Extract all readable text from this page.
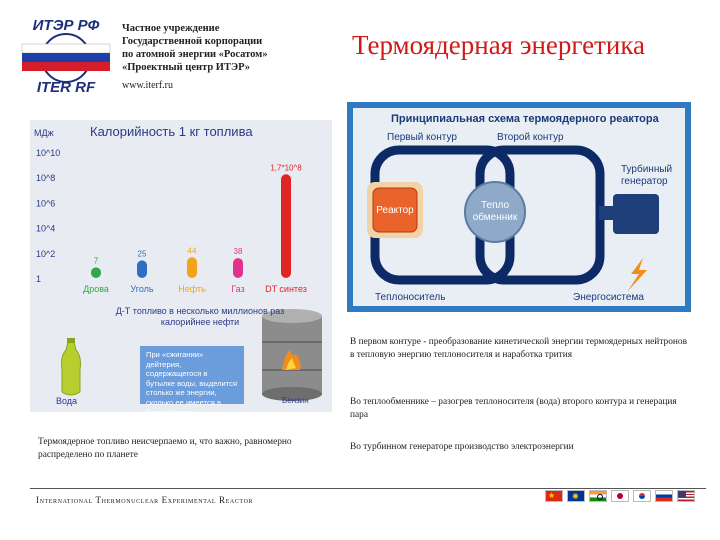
ИТЭР РФ
ITER RF
Частное учреждение
Государственной корпорации
по атомной энергии «Росатом»
«Проектный центр ИТЭР»
www.iterf.ru
Термоядерная энергетика
МДж	Калорийность 1 кг топлива
10^10
10^8
10^6
10^4
10^2
1
7
Дрова
25
Уголь
44
Нефть
38
Газ
1,7*10^8
DT синтез
Д-Т топливо в несколько миллионов раз калорийнее нефти
При «сжигании» дейтерия, содержащегося в бутылке воды, выделится столько же энергии, сколько ее имеется в бочке бензина
Вода	Бензин
Принципиальная схема термоядерного реактора
Первый контур	Второй контур
Реактор	Тепло
обменник
Турбинный
генератор
Теплоноситель	Энергосистема
В первом контуре - преобразование кинетической энергии термоядерных нейтронов в тепловую энергию теплоносителя и наработка трития
Во теплообменнике – разогрев теплоносителя (вода) второго контура и генерация пара
Во турбинном генераторе производство электроэнергии
Термоядерное топливо неисчерпаемо и, что важно, равномерно распределено по планете
International Thermonuclear Experimental Reactor	★ ✺
